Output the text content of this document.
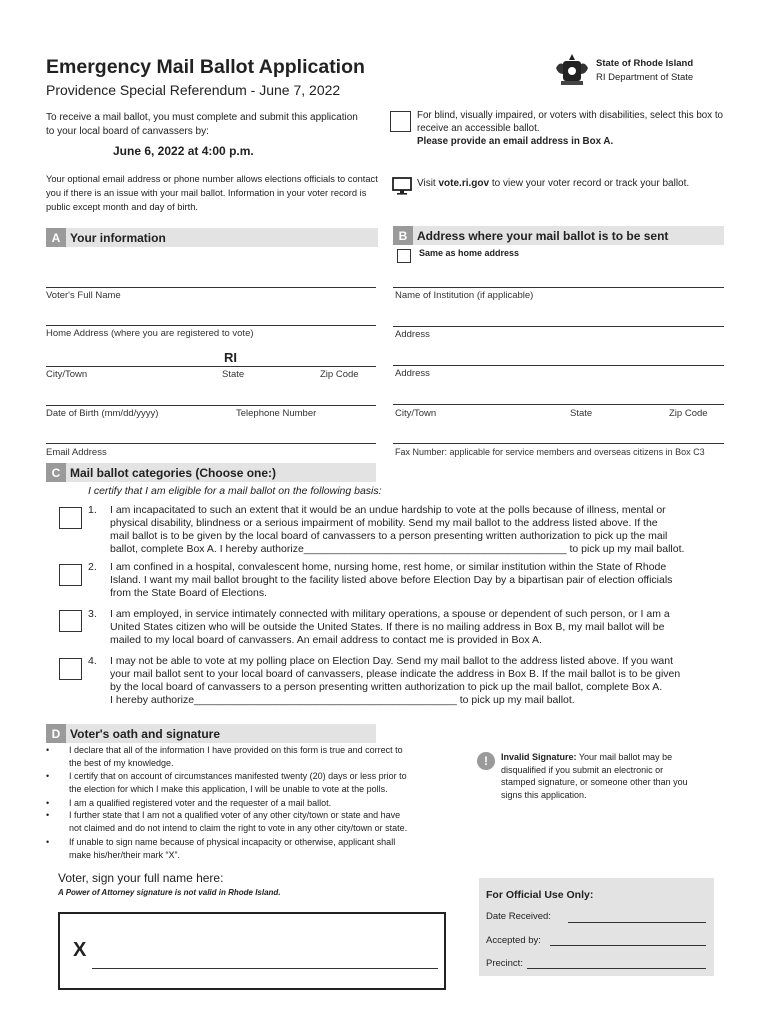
Emergency Mail Ballot Application
Providence Special Referendum - June 7, 2022
State of Rhode Island
RI Department of State
To receive a mail ballot, you must complete and submit this application to your local board of canvassers by:
June 6, 2022 at 4:00 p.m.
Your optional email address or phone number allows elections officials to contact you if there is an issue with your mail ballot. Information in your voter record is public except month and day of birth.
For blind, visually impaired, or voters with disabilities, select this box to receive an accessible ballot.
Please provide an email address in Box A.
Visit vote.ri.gov to view your voter record or track your ballot.
A Your information
Voter's Full Name
Home Address (where you are registered to vote)
RI
City/Town	State	Zip Code
Date of Birth (mm/dd/yyyy)	Telephone Number
Email Address
B Address where your mail ballot is to be sent
Same as home address
Name of Institution (if applicable)
Address
Address
City/Town	State	Zip Code
Fax Number: applicable for service members and overseas citizens in Box C3
C Mail ballot categories (Choose one:)
I certify that I am eligible for a mail ballot on the following basis:
1. I am incapacitated to such an extent that it would be an undue hardship to vote at the polls because of illness, mental or
physical disability, blindness or a serious impairment of mobility. Send my mail ballot to the address listed above. If the
mail ballot is to be given by the local board of canvassers to a person presenting written authorization to pick up the mail
ballot, complete Box A. I hereby authorize_____________________________________________ to pick up my mail ballot.
2. I am confined in a hospital, convalescent home, nursing home, rest home, or similar institution within the State of Rhode
Island. I want my mail ballot brought to the facility listed above before Election Day by a bipartisan pair of election officials
from the State Board of Elections.
3. I am employed, in service intimately connected with military operations, a spouse or dependent of such person, or I am a
United States citizen who will be outside the United States. If there is no mailing address in Box B, my mail ballot will be
mailed to my local board of canvassers. An email address to contact me is provided in Box A.
4. I may not be able to vote at my polling place on Election Day. Send my mail ballot to the address listed above. If you want
your mail ballot sent to your local board of canvassers, please indicate the address in Box B. If the mail ballot is to be given
by the local board of canvassers to a person presenting written authorization to pick up the mail ballot, complete Box A.
I hereby authorize_____________________________________________ to pick up my mail ballot.
D Voter's oath and signature
• I declare that all of the information I have provided on this form is true and correct to
the best of my knowledge.
• I certify that on account of circumstances manifested twenty (20) days or less prior to
the election for which I make this application, I will be unable to vote at the polls.
• I am a qualified registered voter and the requester of a mail ballot.
• I further state that I am not a qualified voter of any other city/town or state and have
not claimed and do not intend to claim the right to vote in any other city/town or state.
• If unable to sign name because of physical incapacity or otherwise, applicant shall
make his/her/their mark “X”.
!	Invalid Signature: Your mail ballot may be
disqualified if you submit an electronic or
stamped signature, or someone other than you
signs this application.
Voter, sign your full name here:
A Power of Attorney signature is not valid in Rhode Island.
X
For Official Use Only:
Date Received:
Accepted by:
Precinct:
